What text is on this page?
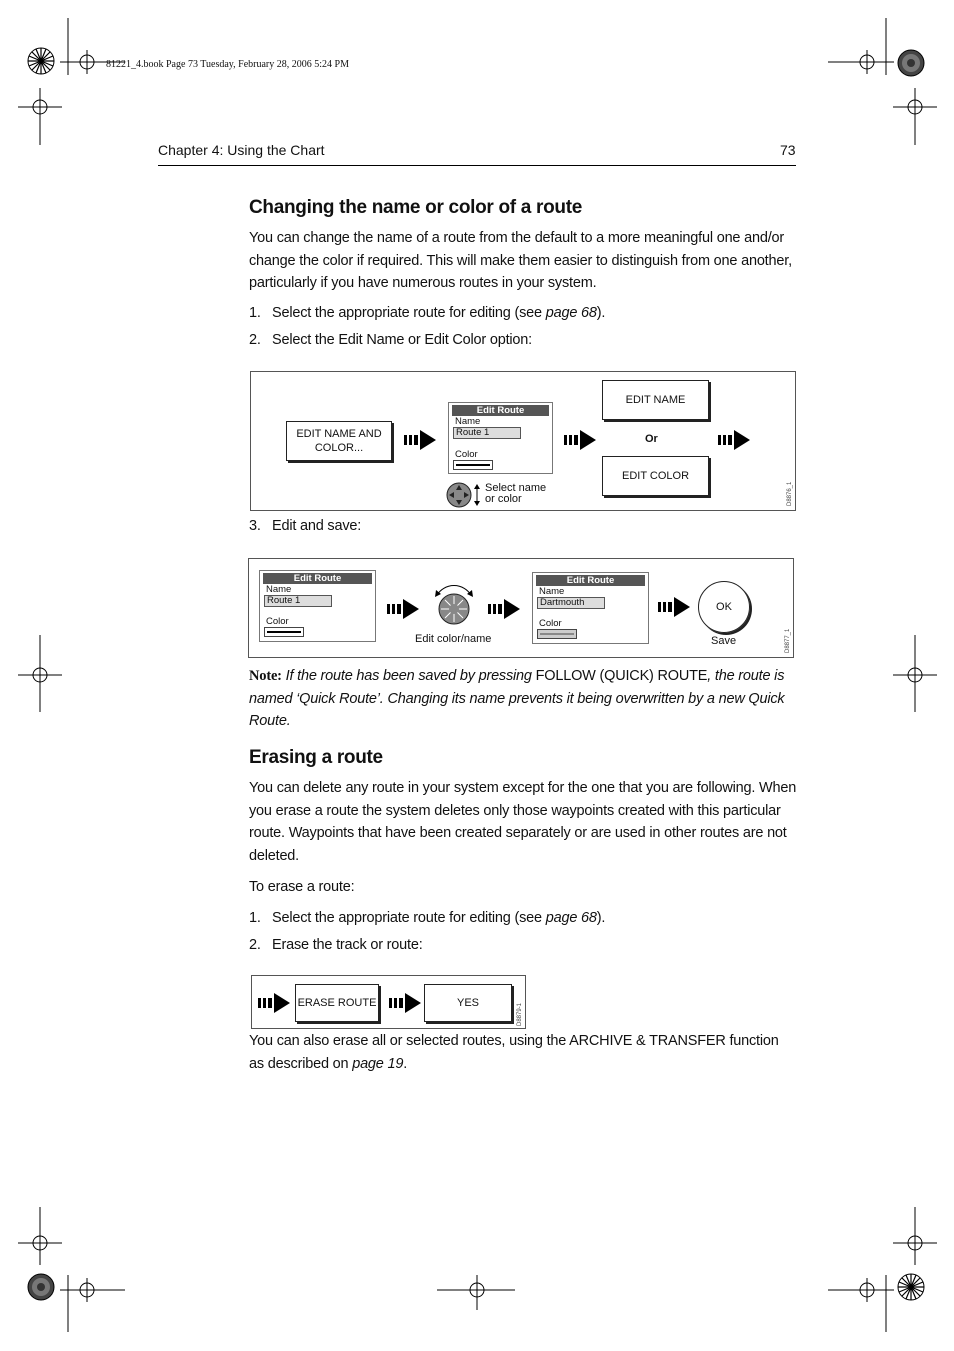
81221_4.book Page 73 Tuesday, February 28, 2006 5:24 PM
Chapter 4: Using the Chart	73
Changing the name or color of a route
You can change the name of a route from the default to a more meaningful one and/or change the color if required. This will make them easier to distinguish from one another, particularly if you have numerous routes in your system.
1. Select the appropriate route for editing (see page 68).
2. Select the Edit Name or Edit Color option:
EDIT NAME AND COLOR...
Edit Route
Name
Route 1
Color
Select name
or color
EDIT NAME
Or
EDIT COLOR
D8876_1
3. Edit and save:
Edit Route
Name
Route 1
Color
Edit color/name
Edit Route
Name
Dartmouth
Color
OK
Save	D8877_1
Note: If the route has been saved by pressing FOLLOW (QUICK) ROUTE, the route is named ‘Quick Route’. Changing its name prevents it being overwritten by a new Quick Route.
Erasing a route
You can delete any route in your system except for the one that you are following. When you erase a route the system deletes only those waypoints created with this particular route. Waypoints that have been created separately or are used in other routes are not deleted.
To erase a route:
1. Select the appropriate route for editing (see page 68).
2. Erase the track or route:
ERASE ROUTE	YES	D8879-1
You can also erase all or selected routes, using the ARCHIVE & TRANSFER function as described on page 19.
